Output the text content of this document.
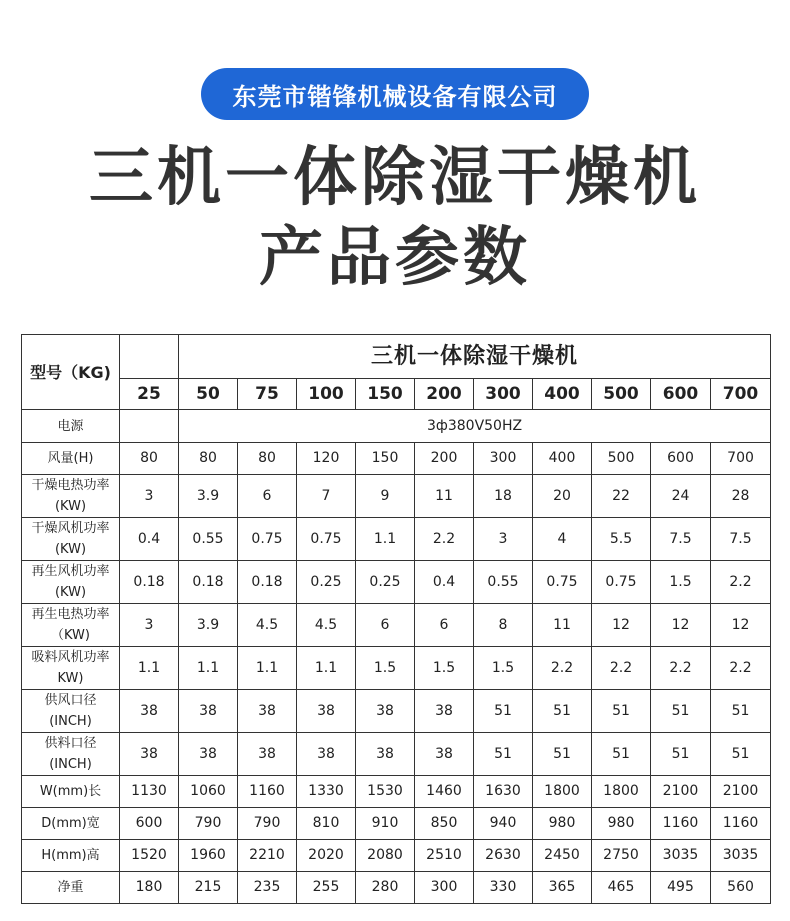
东莞市锴锋机械设备有限公司
三机一体除湿干燥机
产品参数
型号（KG)		三机一体除湿干燥机									
	25	50	75	100	150	200	300	400	500	600	700
电源		3ф380V50HZ									

风量(H)	80	80	80	120	150	200	300	400	500	600	700

干燥电热功率
(KW)	3	3.9	6	7	9	11	18	20	22	24	28

干燥风机功率
(KW)	0.4	0.55	0.75	0.75	1.1	2.2	3	4	5.5	7.5	7.5

再生风机功率
(KW)	0.18	0.18	0.18	0.25	0.25	0.4	0.55	0.75	0.75	1.5	2.2

再生电热功率
（KW)	3	3.9	4.5	4.5	6	6	8	11	12	12	12

吸料风机功率
KW)	1.1	1.1	1.1	1.1	1.5	1.5	1.5	2.2	2.2	2.2	2.2

供风口径
(INCH)	38	38	38	38	38	38	51	51	51	51	51

供料口径
(INCH)	38	38	38	38	38	38	51	51	51	51	51

W(mm)长	1130	1060	1160	1330	1530	1460	1630	1800	1800	2100	2100

D(mm)宽	600	790	790	810	910	850	940	980	980	1160	1160

H(mm)高	1520	1960	2210	2020	2080	2510	2630	2450	2750	3035	3035

净重	180	215	235	255	280	300	330	365	465	495	560
